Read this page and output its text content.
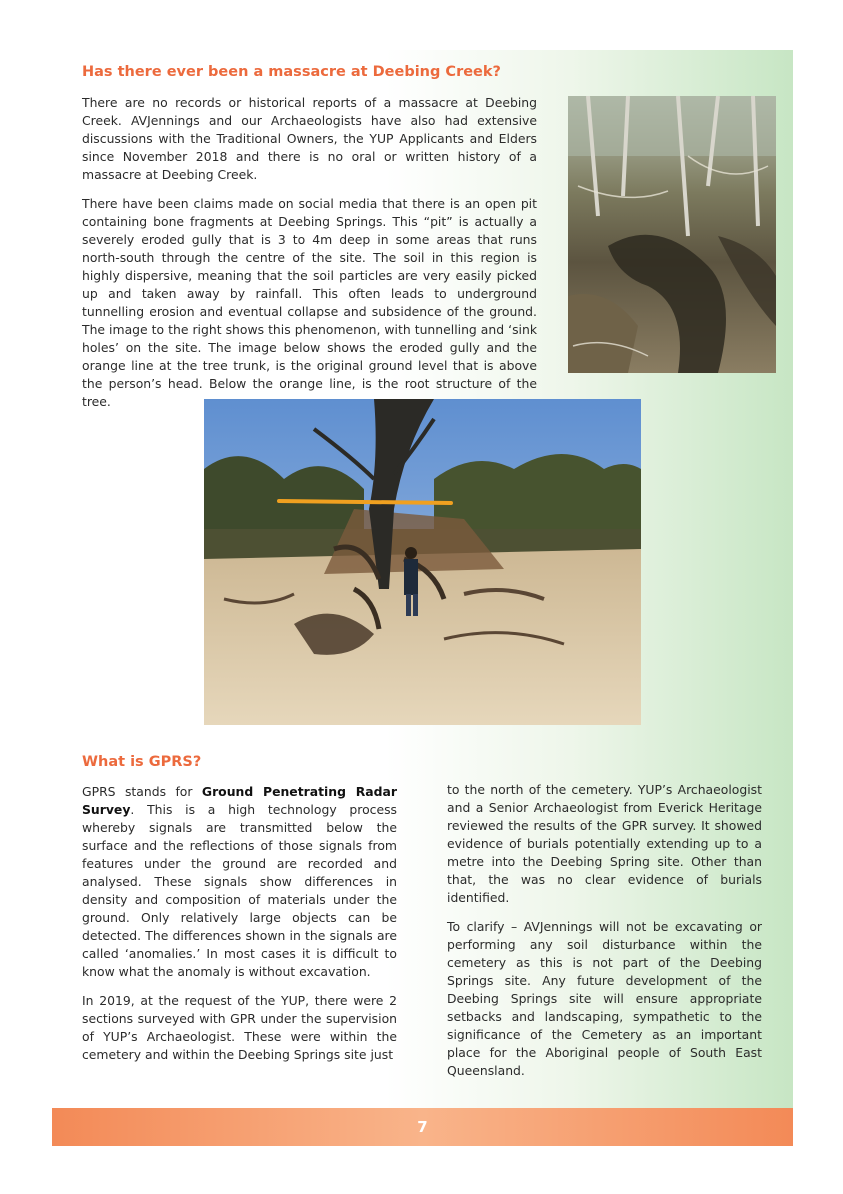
Has there ever been a massacre at Deebing Creek?

There are no records or historical reports of a massacre at Deebing Creek. AVJennings and our Archaeologists have also had extensive discussions with the Traditional Owners, the YUP Applicants and Elders since November 2018 and there is no oral or written history of a massacre at Deebing Creek.

There have been claims made on social media that there is an open pit containing bone fragments at Deebing Springs. This “pit” is actually a severely eroded gully that is 3 to 4m deep in some areas that runs north-south through the centre of the site. The soil in this region is highly dispersive, meaning that the soil particles are very easily picked up and taken away by rainfall. This often leads to underground tunnelling erosion and eventual collapse and subsidence of the ground. The image to the right shows this phenomenon, with tunnelling and ‘sink holes’ on the site. The image below shows the eroded gully and the orange line at the tree trunk, is the original ground level that is above the person’s head. Below the orange line, is the root structure of the tree.

What is GPRS?

GPRS stands for Ground Penetrating Radar Survey. This is a high technology process whereby signals are transmitted below the surface and the reflections of those signals from features under the ground are recorded and analysed. These signals show differences in density and composition of materials under the ground. Only relatively large objects can be detected. The differences shown in the signals are called ‘anomalies.’ In most cases it is difficult to know what the anomaly is without excavation.

In 2019, at the request of the YUP, there were 2 sections surveyed with GPR under the supervision of YUP’s Archaeologist. These were within the cemetery and within the Deebing Springs site just

to the north of the cemetery. YUP’s Archaeologist and a Senior Archaeologist from Everick Heritage reviewed the results of the GPR survey. It showed evidence of burials potentially extending up to a metre into the Deebing Spring site. Other than that, the was no clear evidence of burials identified.

To clarify – AVJennings will not be excavating or performing any soil disturbance within the cemetery as this is not part of the Deebing Springs site. Any future development of the Deebing Springs site will ensure appropriate setbacks and landscaping, sympathetic to the significance of the Cemetery as an important place for the Aboriginal people of South East Queensland.

7
